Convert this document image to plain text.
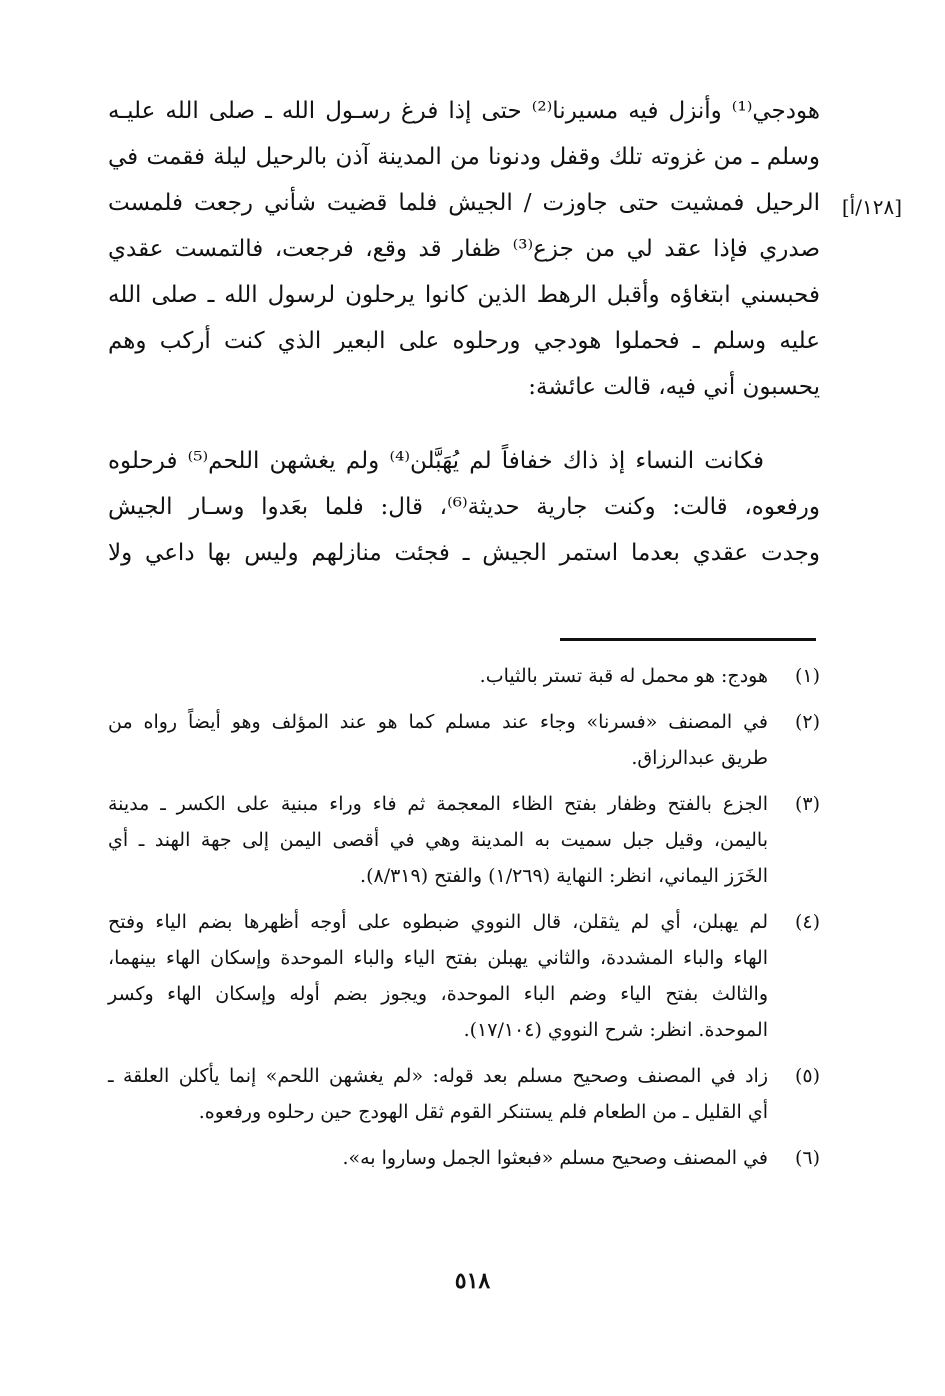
[١٢٨/أ]
هودجي⁽¹⁾ وأنزل فيه مسيرنا⁽²⁾ حتى إذا فرغ رسـول الله ـ صلى الله عليـه
وسلم ـ من غزوته تلك وقفل ودنونا من المدينة آذن بالرحيل ليلة فقمت في
الرحيل فمشيت حتى جاوزت / الجيش فلما قضيت شأني رجعت فلمست
صدري فإذا عقد لي من جزع⁽³⁾ ظفار قد وقع، فرجعت، فالتمست عقدي
فحبسني ابتغاؤه وأقبل الرهط الذين كانوا يرحلون لرسول الله ـ صلى الله
عليه وسلم ـ فحملوا هودجي ورحلوه على البعير الذي كنت أركب وهم
يحسبون أني فيه، قالت عائشة:
فكانت النساء إذ ذاك خفافاً لم يُهَبَّلن⁽⁴⁾ ولم يغشهن اللحم⁽⁵⁾ فرحلوه
ورفعوه، قالت: وكنت جارية حديثة⁽⁶⁾، قال: فلما بعَدوا وسـار الجيش
وجدت عقدي بعدما استمر الجيش ـ فجئت منازلهم وليس بها داعي ولا
(١)
هودج: هو محمل له قبة تستر بالثياب.
(٢)
في المصنف «فسرنا» وجاء عند مسلم كما هو عند المؤلف وهو أيضاً رواه من
طريق عبدالرزاق.
(٣)
الجزع بالفتح وظفار بفتح الظاء المعجمة ثم فاء وراء مبنية على الكسر ـ مدينة
باليمن، وقيل جبل سميت به المدينة وهي في أقصى اليمن إلى جهة الهند ـ أي
الخَرَز اليماني، انظر: النهاية (١/٢٦٩) والفتح (٨/٣١٩).
(٤)
لم يهبلن، أي لم يثقلن، قال النووي ضبطوه على أوجه أظهرها بضم الياء وفتح
الهاء والباء المشددة، والثاني يهبلن بفتح الياء والباء الموحدة وإسكان الهاء بينهما،
والثالث بفتح الياء وضم الباء الموحدة، ويجوز بضم أوله وإسكان الهاء وكسر
الموحدة. انظر: شرح النووي (١٧/١٠٤).
(٥)
زاد في المصنف وصحيح مسلم بعد قوله: «لم يغشهن اللحم» إنما يأكلن العلقة ـ
أي القليل ـ من الطعام فلم يستنكر القوم ثقل الهودج حين رحلوه ورفعوه.
(٦)
في المصنف وصحيح مسلم «فبعثوا الجمل وساروا به».
٥١٨
